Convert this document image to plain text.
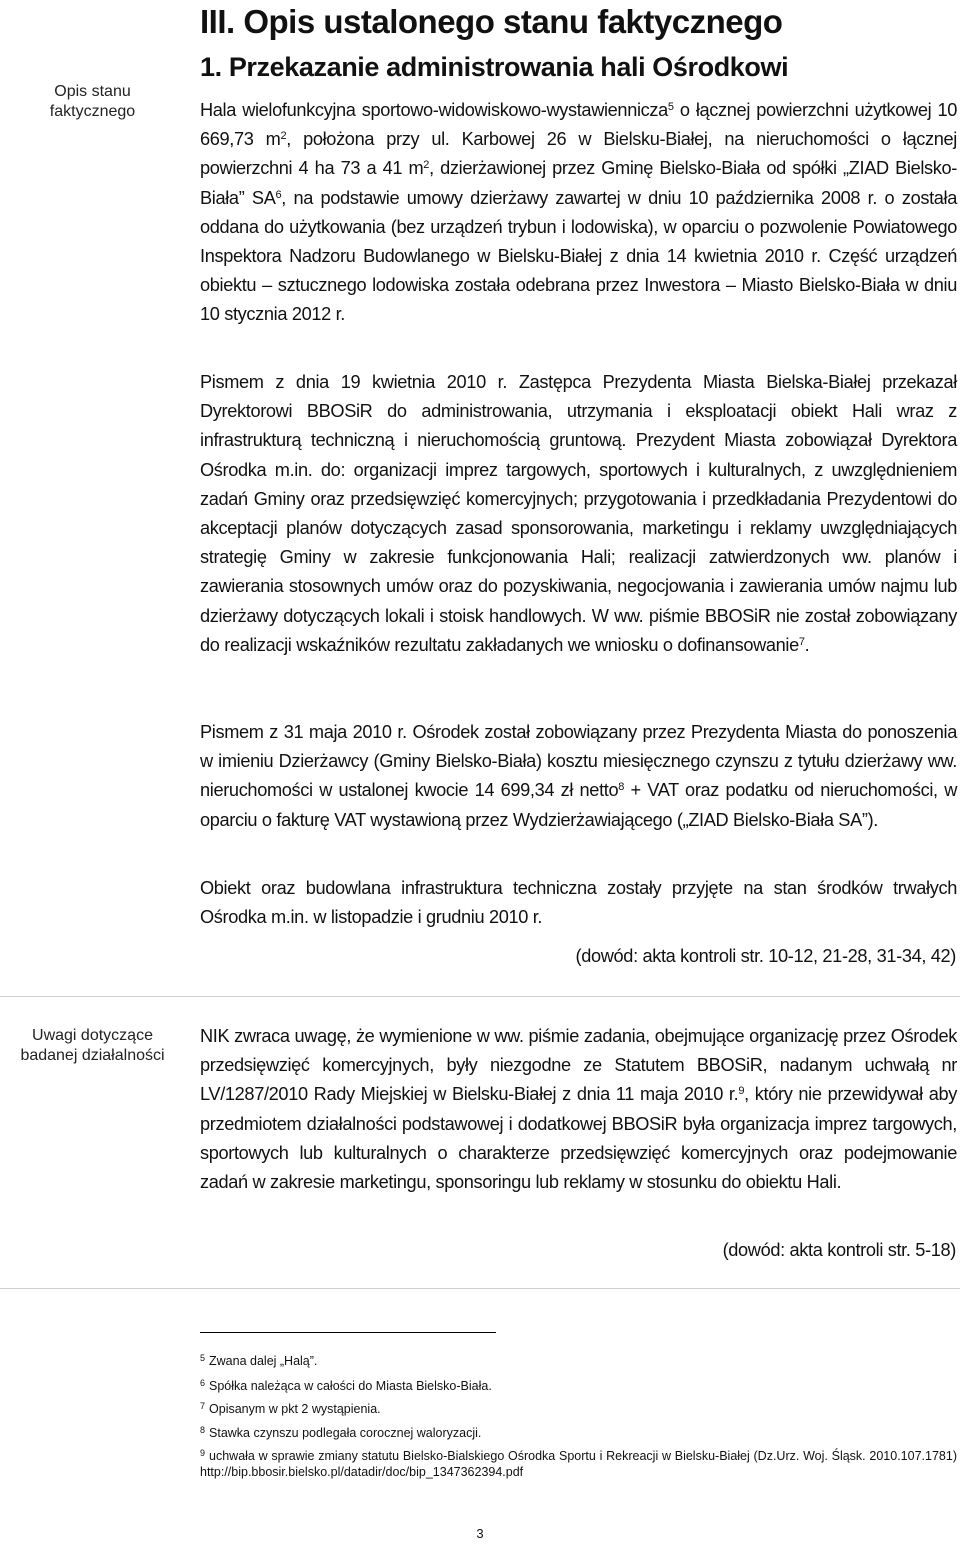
III. Opis ustalonego stanu faktycznego
1. Przekazanie administrowania hali Ośrodkowi
Opis stanu
faktycznego	Hala wielofunkcyjna sportowo-widowiskowo-wystawiennicza$^5$ o łącznej powierzchni użytkowej 10 669,73 $m^2$, położona przy ul. Karbowej 26 w Bielsku-Białej, na nieruchomości o łącznej powierzchni 4 ha 73 a 41 $m^2$, dzierżawionej przez Gminę Bielsko-Biała od spółki „ZIAD Bielsko-Biała” $SA^6$, na podstawie umowy dzierżawy zawartej w dniu 10 października 2008 r. o została oddana do użytkowania (bez urządzeń trybun i lodowiska), w oparciu o pozwolenie Powiatowego Inspektora Nadzoru Budowlanego w Bielsku-Białej z dnia 14 kwietnia 2010 r. Część urządzeń obiektu – sztucznego lodowiska została odebrana przez Inwestora – Miasto Bielsko-Biała w dniu 10 stycznia 2012 r.

Pismem z dnia 19 kwietnia 2010 r. Zastępca Prezydenta Miasta Bielska-Białej przekazał Dyrektorowi BBOSiR do administrowania, utrzymania i eksploatacji obiekt Hali wraz z infrastrukturą techniczną i nieruchomością gruntową. Prezydent Miasta zobowiązał Dyrektora Ośrodka m.in. do: organizacji imprez targowych, sportowych i kulturalnych, z uwzględnieniem zadań Gminy oraz przedsięwzięć komercyjnych; przygotowania i przedkładania Prezydentowi do akceptacji planów dotyczących zasad sponsorowania, marketingu i reklamy uwzględniających strategię Gminy w zakresie funkcjonowania Hali; realizacji zatwierdzonych ww. planów i zawierania stosownych umów oraz do pozyskiwania, negocjowania i zawierania umów najmu lub dzierżawy dotyczących lokali i stoisk handlowych. W ww. piśmie BBOSiR nie został zobowiązany do realizacji wskaźników rezultatu zakładanych we wniosku o dofinansowanie$^7$.

Pismem z 31 maja 2010 r. Ośrodek został zobowiązany przez Prezydenta Miasta do ponoszenia w imieniu Dzierżawcy (Gminy Bielsko-Biała) kosztu miesięcznego czynszu z tytułu dzierżawy ww. nieruchomości w ustalonej kwocie 14 699,34 zł netto$^8$ + VAT oraz podatku od nieruchomości, w oparciu o fakturę VAT wystawioną przez Wydzierżawiającego („ZIAD Bielsko-Biała SA”).

Obiekt oraz budowlana infrastruktura techniczna zostały przyjęte na stan środków trwałych Ośrodka m.in. w listopadzie i grudniu 2010 r.

(dowód: akta kontroli str. 10-12, 21-28, 31-34, 42)
Uwagi dotyczące
badanej działalności

NIK zwraca uwagę, że wymienione w ww. piśmie zadania, obejmujące organizację przez Ośrodek przedsięwzięć komercyjnych, były niezgodne ze Statutem BBOSiR, nadanym uchwałą nr LV/1287/2010 Rady Miejskiej w Bielsku-Białej z dnia 11 maja 2010 r.$^9$, który nie przewidywał aby przedmiotem działalności podstawowej i dodatkowej BBOSiR była organizacja imprez targowych, sportowych lub kulturalnych o charakterze przedsięwzięć komercyjnych oraz podejmowanie zadań w zakresie marketingu, sponsoringu lub reklamy w stosunku do obiektu Hali.

(dowód: akta kontroli str. 5-18)
$^5$ Zwana dalej „Halą”.
$^6$ Spółka należąca w całości do Miasta Bielsko-Biała.
$^7$ Opisanym w pkt 2 wystąpienia.
$^8$ Stawka czynszu podlegała corocznej waloryzacji.
$^9$ uchwała w sprawie zmiany statutu Bielsko-Bialskiego Ośrodka Sportu i Rekreacji w Bielsku-Białej (Dz.Urz. Woj. Śląsk. 2010.107.1781) http://bip.bbosir.bielsko.pl/datadir/doc/bip_1347362394.pdf
3
